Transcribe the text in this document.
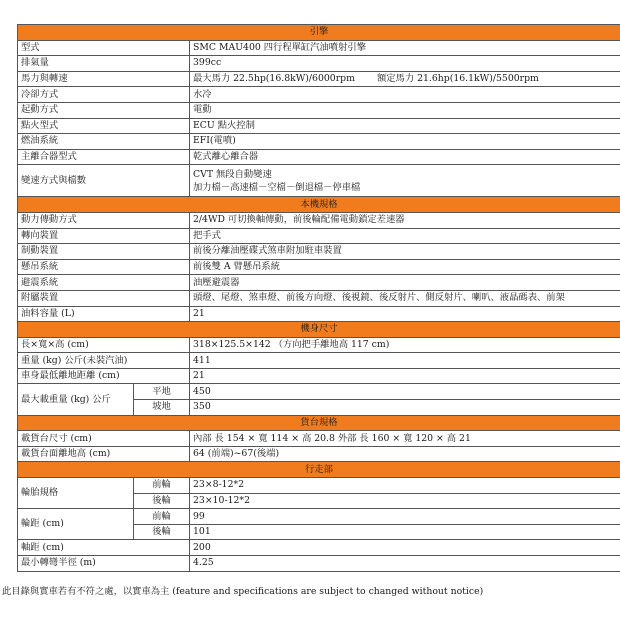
引擎		
型式		SMC MAU400 四行程單缸汽油噴射引擎
排氣量		399cc
馬力與轉速		最大馬力 22.5hp(16.8kW)/6000rpm 額定馬力 21.6hp(16.1kW)/5500rpm
冷卻方式		水冷
起動方式		電動
點火型式		ECU 點火控制
燃油系統		EFI(電噴)
主離合器型式		乾式離心離合器
變速方式與檔數		CVT 無段自動變速
加力檔－高速檔－空檔－倒退檔－停車檔

本機規格		
動力傳動方式		2/4WD 可切換軸傳動，前後輪配備電動鎖定差速器
轉向裝置		把手式
制動裝置		前後分離油壓碟式煞車附加駐車裝置
懸吊系統		前後雙 A 臂懸吊系統
避震系統		油壓避震器
附屬裝置		頭燈、尾燈、煞車燈、前後方向燈、後視鏡、後反射片、側反射片、喇叭、液晶碼表、前架
油料容量 (L)		21
機身尺寸		
長×寬×高 (cm)		318×125.5×142 （方向把手離地高 117 cm)
重量 (kg) 公斤(未裝汽油)		411
車身最低離地距離 (cm)		21
最大載重量 (kg) 公斤	平地	450
	坡地	350
貨台規格		
載貨台尺寸 (cm)		內部 長 154 × 寬 114 × 高 20.8 外部 長 160 × 寬 120 × 高 21
載貨台面離地高 (cm)		64 (前端)~67(後端)
行走部		
輪胎規格	前輪	23×8-12*2
	後輪	23×10-12*2
輪距 (cm)	前輪	99
	後輪	101
軸距 (cm)		200
最小轉彎半徑 (m)		4.25
此目錄與實車若有不符之處，以實車為主 (feature and specifications are subject to changed without notice)
